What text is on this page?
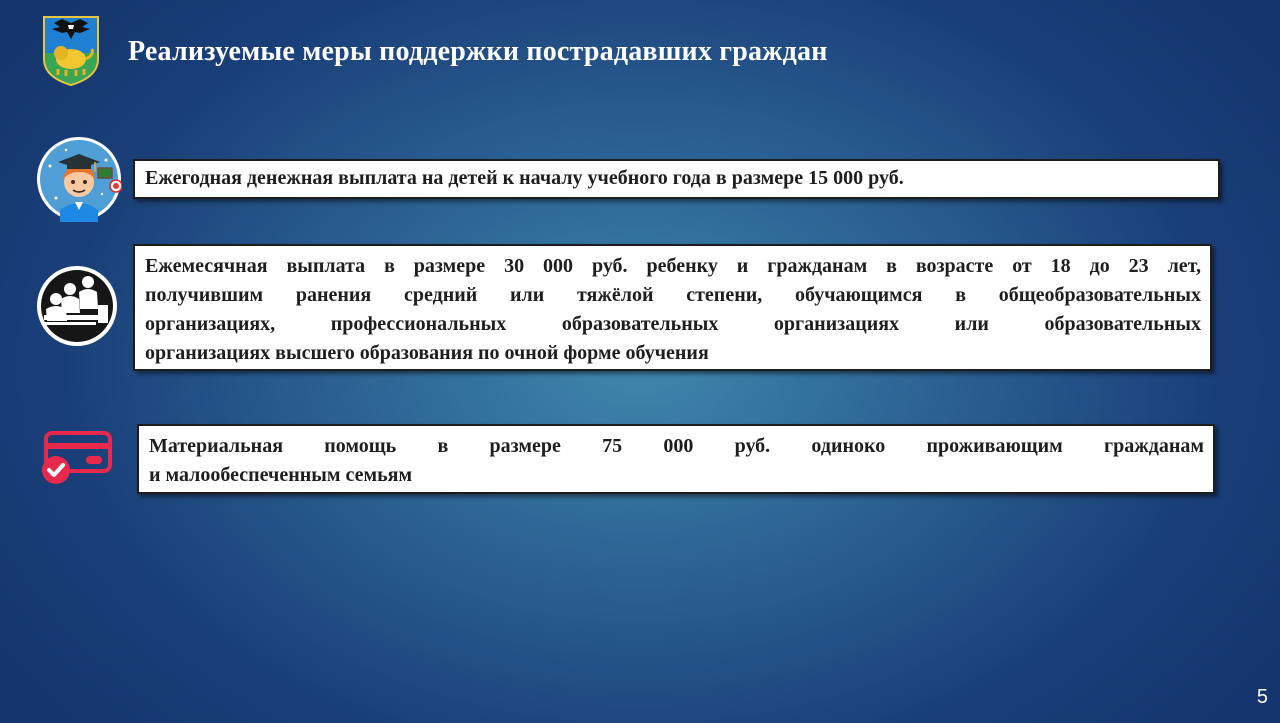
Реализуемые меры поддержки пострадавших граждан
Ежегодная денежная выплата на детей к началу учебного года в размере 15 000 руб.
Ежемесячная выплата в размере 30 000 руб. ребенку и гражданам в возрасте от 18 до 23 лет,
получившим ранения средний или тяжёлой степени, обучающимся в общеобразовательных
организациях, профессиональных образовательных организациях или образовательных
организациях высшего образования по очной форме обучения
Материальная помощь в размере 75 000 руб. одиноко проживающим гражданам
и малообеспеченным семьям
5
